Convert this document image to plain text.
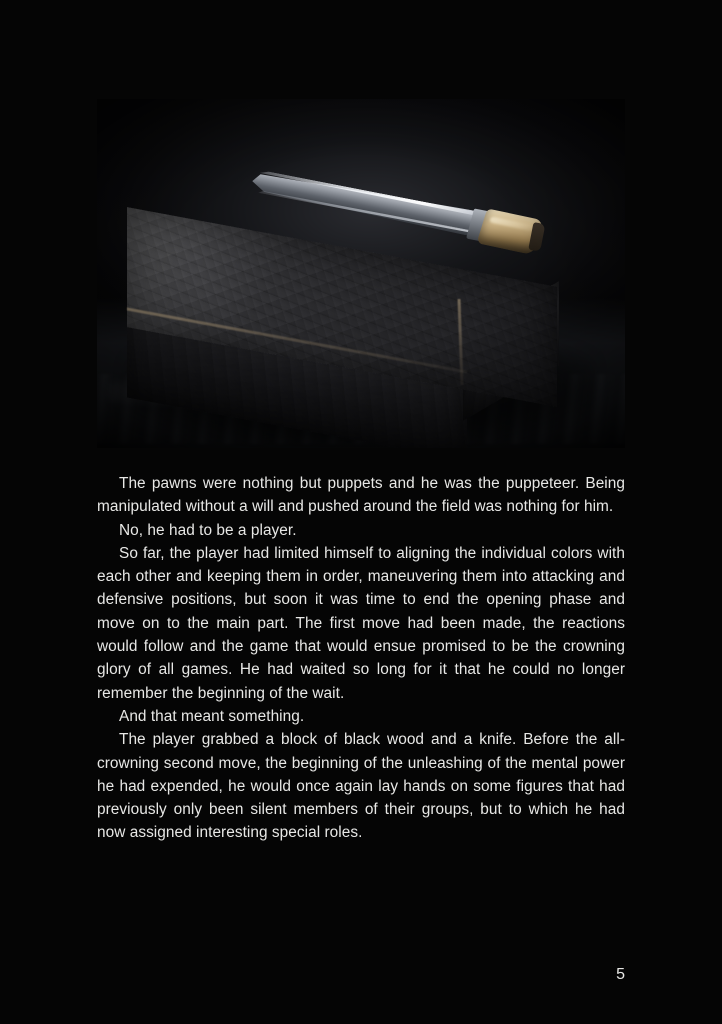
The pawns were nothing but puppets and he was the puppeteer. Being manipulated without a will and pushed around the field was nothing for him.

No, he had to be a player.

So far, the player had limited himself to aligning the individual colors with each other and keeping them in order, maneuvering them into attacking and defensive positions, but soon it was time to end the opening phase and move on to the main part. The first move had been made, the reactions would follow and the game that would ensue promised to be the crowning glory of all games. He had waited so long for it that he could no longer remember the beginning of the wait.

And that meant something.

The player grabbed a block of black wood and a knife. Before the all-crowning second move, the beginning of the unleashing of the mental power he had expended, he would once again lay hands on some figures that had previously only been silent members of their groups, but to which he had now assigned interesting special roles.

5
